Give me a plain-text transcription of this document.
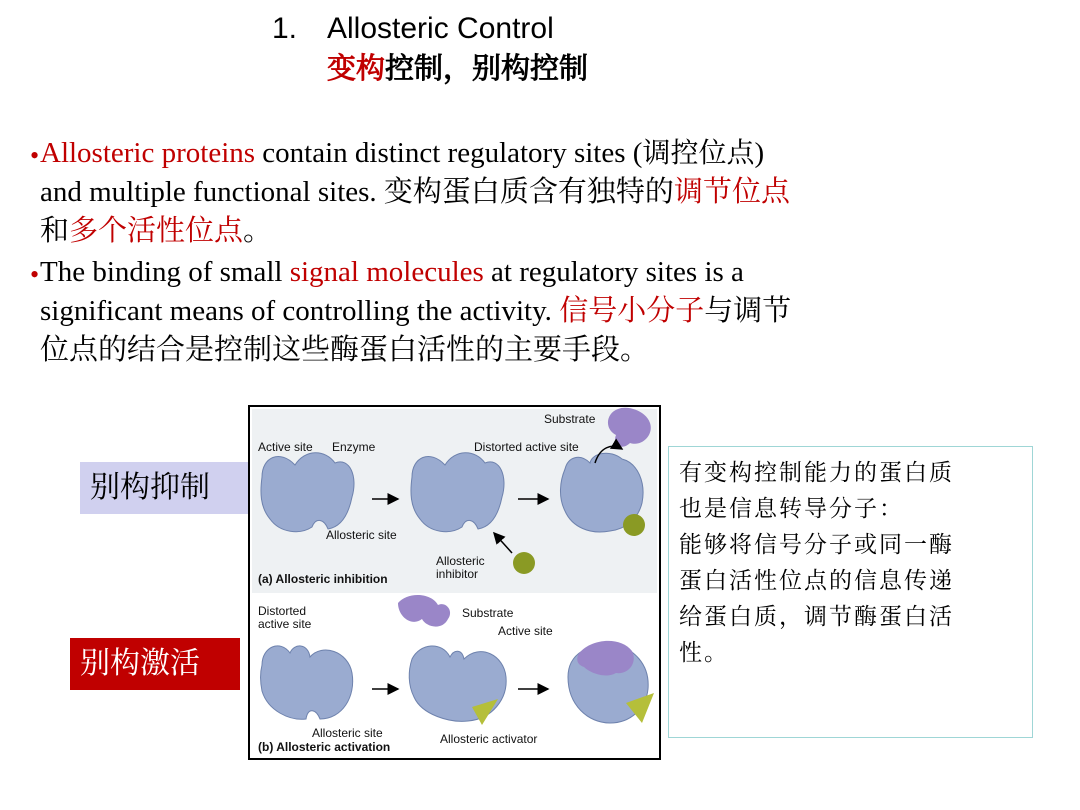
1. Allosteric Control
变构控制，别构控制
• Allosteric proteins contain distinct regulatory sites (调控位点)
and multiple functional sites. 变构蛋白质含有独特的调节位点
和多个活性位点。
• The binding of small signal molecules at regulatory sites is a
significant means of controlling the activity. 信号小分子与调节
位点的结合是控制这些酶蛋白活性的主要手段。
别构抑制
别构激活
Substrate
Active site Enzyme	Distorted active site
Allosteric site
Allosteric
inhibitor
(a) Allosteric inhibition
Distorted
active site
Substrate
Active site
Allosteric site	Allosteric activator
(b) Allosteric activation

有变构控制能力的蛋白质

也是信息转导分子：

能够将信号分子或同一酶

蛋白活性位点的信息传递

给蛋白质，调节酶蛋白活

性。
